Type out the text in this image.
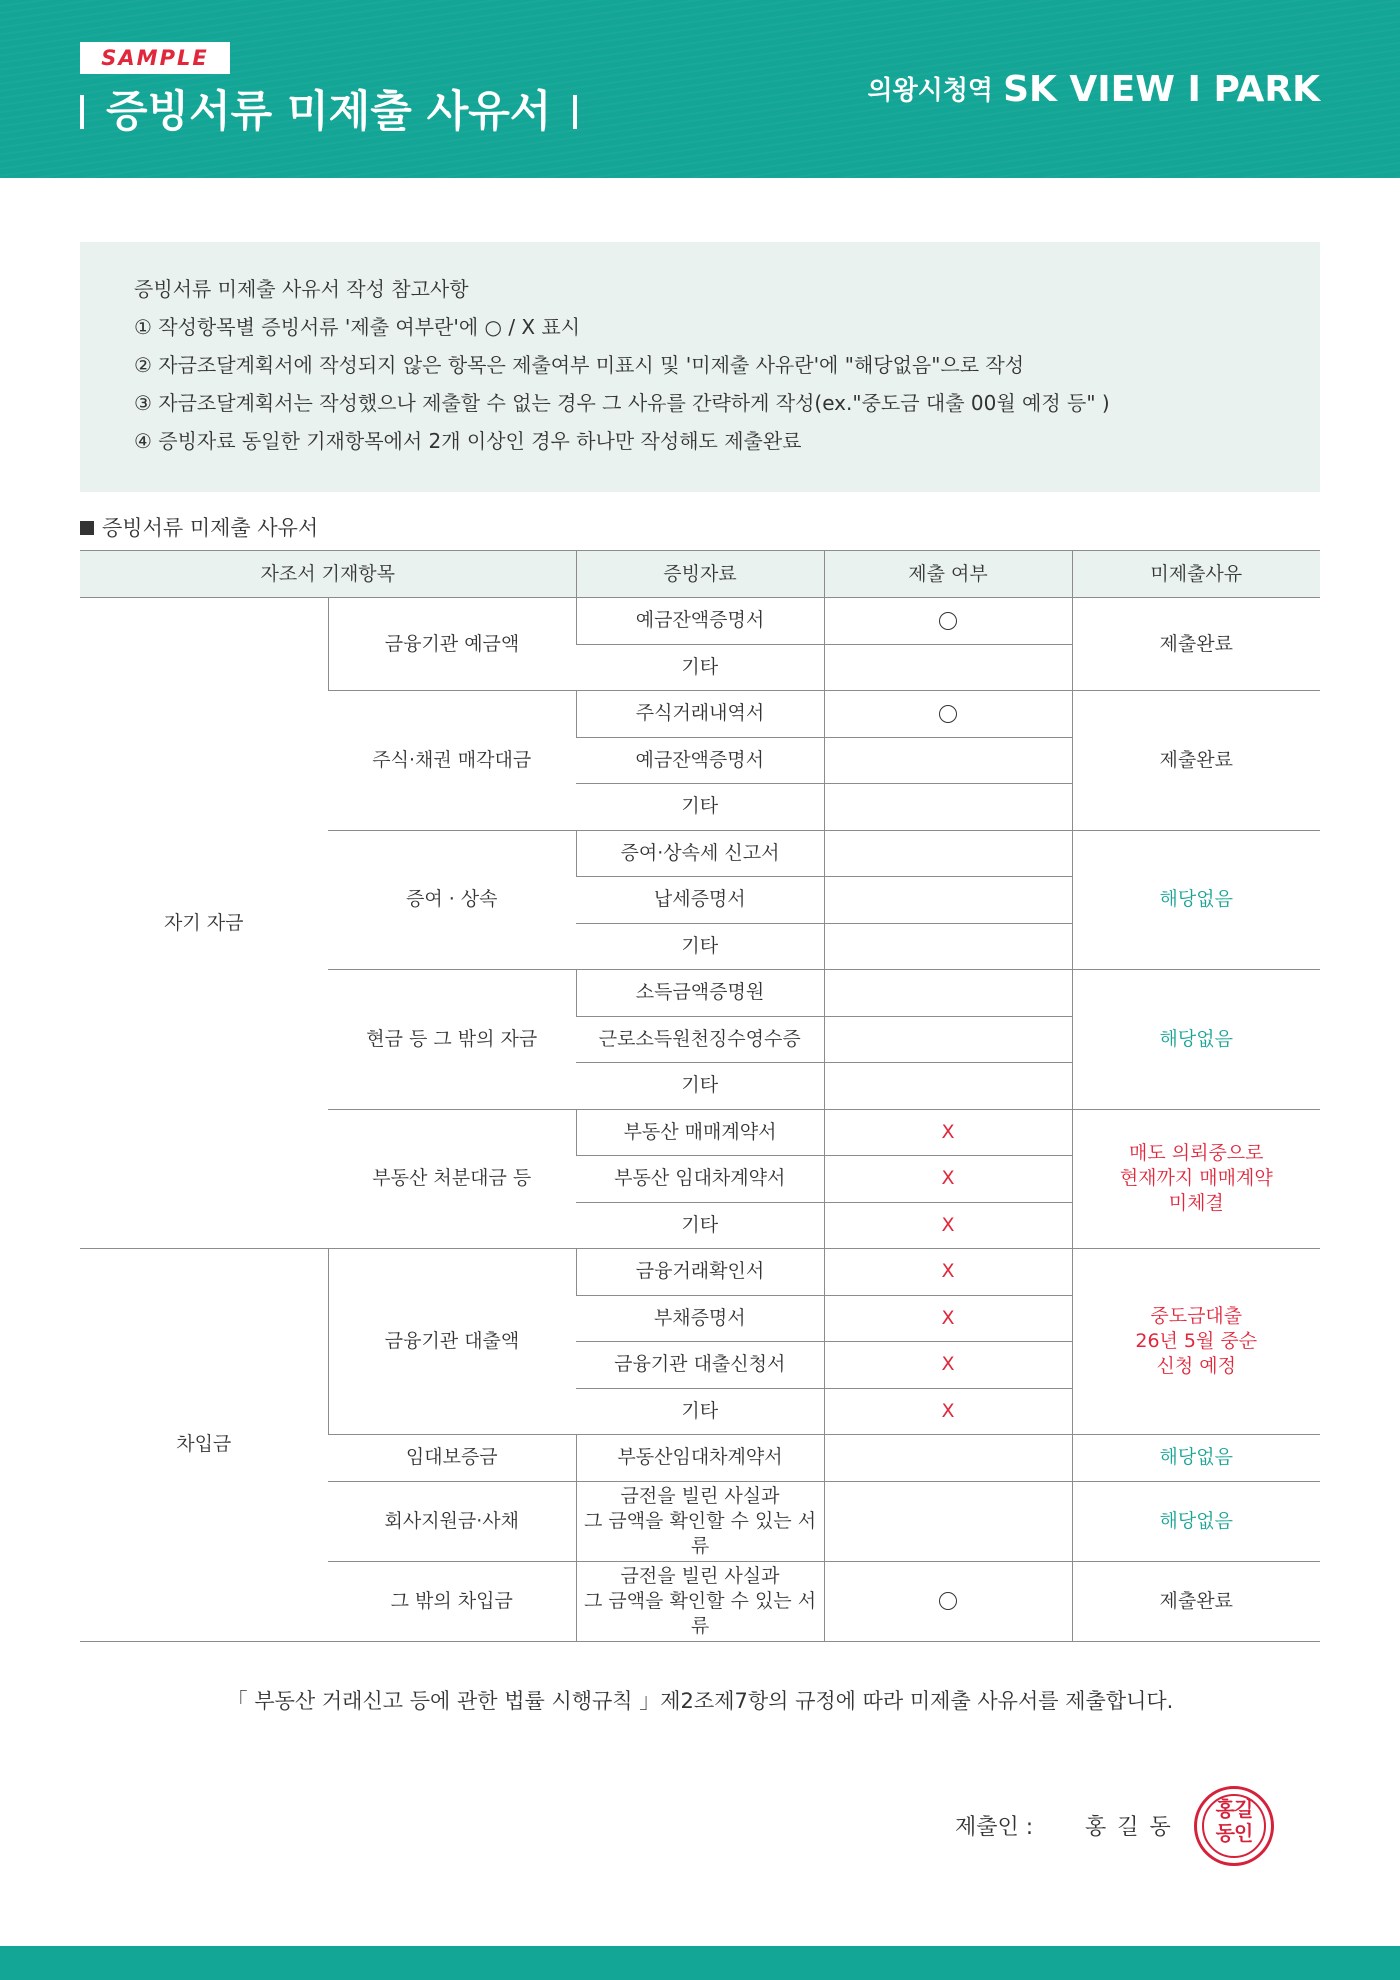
SAMPLE
증빙서류 미제출 사유서	의왕시청역 SK VIEW I PARK
증빙서류 미제출 사유서 작성 참고사항
① 작성항목별 증빙서류 '제출 여부란'에 ○ / X 표시
② 자금조달계획서에 작성되지 않은 항목은 제출여부 미표시 및 '미제출 사유란'에 "해당없음"으로 작성
③ 자금조달계획서는 작성했으나 제출할 수 없는 경우 그 사유를 간략하게 작성(ex."중도금 대출 00월 예정 등" )
④ 증빙자료 동일한 기재항목에서 2개 이상인 경우 하나만 작성해도 제출완료
증빙서류 미제출 사유서
자조서 기재항목		증빙자료	제출 여부	미제출사유
자기 자금	금융기관 예금액	예금잔액증명서		제출완료
		기타		
	주식·채권 매각대금	주식거래내역서		제출완료
		예금잔액증명서		
		기타		
	증여 · 상속	증여·상속세 신고서		해당없음
		납세증명서		
		기타		
	현금 등 그 밖의 자금	소득금액증명원		해당없음
		근로소득원천징수영수증		
		기타		
	부동산 처분대금 등	부동산 매매계약서	X	매도 의뢰중으로
현재까지 매매계약
미체결

		부동산 임대차계약서	X	
		기타	X	
차입금	금융기관 대출액	금융거래확인서	X	중도금대출
26년 5월 중순
신청 예정

		부채증명서	X	
		금융기관 대출신청서	X	
		기타	X	
	임대보증금	부동산임대차계약서		해당없음
	회사지원금·사채	금전을 빌린 사실과
그 금액을 확인할 수 있는 서류		해당없음
	그 밖의 차입금	금전을 빌린 사실과
그 금액을 확인할 수 있는 서류		제출완료
「 부동산 거래신고 등에 관한 법률 시행규칙 」제2조제7항의 규정에 따라 미제출 사유서를 제출합니다.
제출인 : 홍 길 동
홍길
동인
